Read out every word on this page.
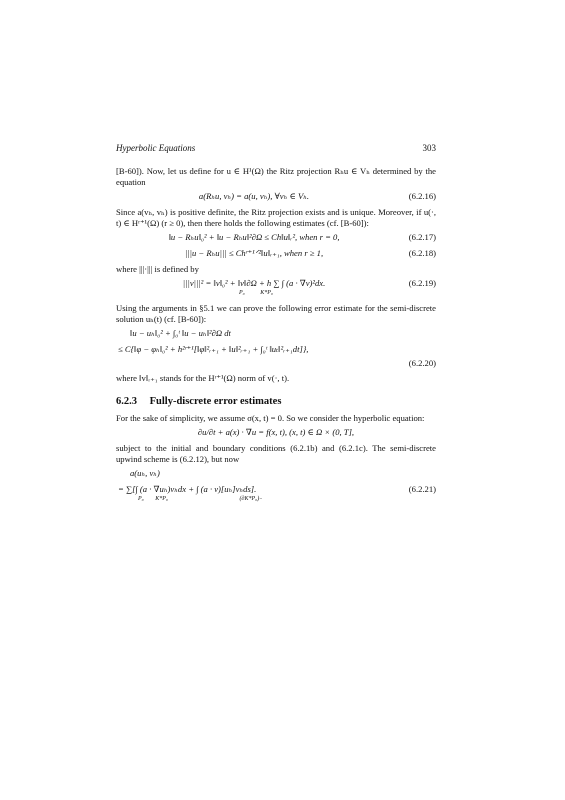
Hyperbolic Equations	303

[B-60]). Now, let us define for u ∈ H¹(Ω) the Ritz projection Rₕu ∈ Vₕ determined by the equation

a(Rₕu, vₕ) = a(u, vₕ), ∀vₕ ∈ Vₕ.	(6.2.16)

Since a(vₕ, vₕ) is positive definite, the Ritz projection exists and is unique. Moreover, if u(·, t) ∈ Hʳ⁺¹(Ω) (r ≥ 0), then there holds the following estimates (cf. [B-60]):

‖u − Rₕu‖₀² + ‖u − Rₕu‖²∂Ω ≤ Ch‖u‖ᵣ², when r = 0,	(6.2.17)
|||u − Rₕu||| ≤ Chʳ⁺¹ᐟ²‖u‖ᵣ₊₁, when r ≥ 1,	(6.2.18)

where |||·||| is defined by

|||v|||² = ‖v‖₀² + ‖v‖∂Ω + h ∑ ∫ (a · ∇v)²dx.	(6.2.19)
P₀	K*P₀

Using the arguments in §5.1 we can prove the following error estimate for the semi-discrete solution uₕ(t) (cf. [B-60]):

‖u − uₕ‖₀² + ∫₀ᵗ ‖u − uₕ‖²∂Ω dt
≤ C{‖φ − φₕ‖₀² + h²ʳ⁺¹[‖φ‖²ᵣ₊₁ + ‖u‖²ᵣ₊₁ + ∫₀ᵗ ‖uₜ‖²ᵣ₊₁dt]},
(6.2.20)

where ‖v‖ᵣ₊₁ stands for the Hʳ⁺¹(Ω) norm of v(·, t).

6.2.3 Fully-discrete error estimates

For the sake of simplicity, we assume σ(x, t) = 0. So we consider the hyperbolic equation:

∂u/∂t + a(x) · ∇u = f(x, t), (x, t) ∈ Ω × (0, T],

subject to the initial and boundary conditions (6.2.1b) and (6.2.1c). The semi-discrete upwind scheme is (6.2.12), but now

a(uₕ, vₕ)
= ∑[∫ (a · ∇uₕ)vₕdx + ∫ (a · ν)[uₕ]vₕds].	(6.2.21)
P₀ K*P₀	(∂K*P₀)₋
